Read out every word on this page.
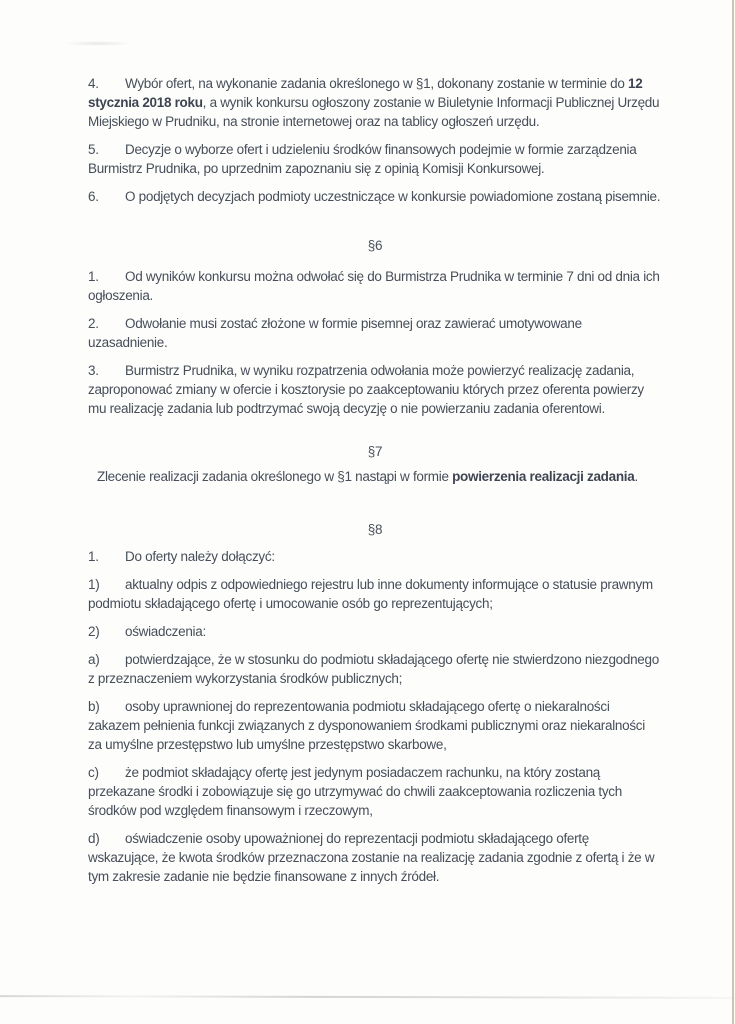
4. Wybór ofert, na wykonanie zadania określonego w §1, dokonany zostanie w terminie do 12 stycznia 2018 roku, a wynik konkursu ogłoszony zostanie w Biuletynie Informacji Publicznej Urzędu Miejskiego w Prudniku, na stronie internetowej oraz na tablicy ogłoszeń urzędu.
5. Decyzje o wyborze ofert i udzieleniu środków finansowych podejmie w formie zarządzenia Burmistrz Prudnika, po uprzednim zapoznaniu się z opinią Komisji Konkursowej.
6. O podjętych decyzjach podmioty uczestniczące w konkursie powiadomione zostaną pisemnie.
§6
1. Od wyników konkursu można odwołać się do Burmistrza Prudnika w terminie 7 dni od dnia ich ogłoszenia.
2. Odwołanie musi zostać złożone w formie pisemnej oraz zawierać umotywowane uzasadnienie.
3. Burmistrz Prudnika, w wyniku rozpatrzenia odwołania może powierzyć realizację zadania, zaproponować zmiany w ofercie i kosztorysie po zaakceptowaniu których przez oferenta powierzy mu realizację zadania lub podtrzymać swoją decyzję o nie powierzaniu zadania oferentowi.
§7
Zlecenie realizacji zadania określonego w §1 nastąpi w formie powierzenia realizacji zadania.
§8
1. Do oferty należy dołączyć:
1) aktualny odpis z odpowiedniego rejestru lub inne dokumenty informujące o statusie prawnym podmiotu składającego ofertę i umocowanie osób go reprezentujących;
2) oświadczenia:
a) potwierdzające, że w stosunku do podmiotu składającego ofertę nie stwierdzono niezgodnego z przeznaczeniem wykorzystania środków publicznych;
b) osoby uprawnionej do reprezentowania podmiotu składającego ofertę o niekaralności zakazem pełnienia funkcji związanych z dysponowaniem środkami publicznymi oraz niekaralności za umyślne przestępstwo lub umyślne przestępstwo skarbowe,
c) że podmiot składający ofertę jest jedynym posiadaczem rachunku, na który zostaną przekazane środki i zobowiązuje się go utrzymywać do chwili zaakceptowania rozliczenia tych środków pod względem finansowym i rzeczowym,
d) oświadczenie osoby upoważnionej do reprezentacji podmiotu składającego ofertę wskazujące, że kwota środków przeznaczona zostanie na realizację zadania zgodnie z ofertą i że w tym zakresie zadanie nie będzie finansowane z innych źródeł.
